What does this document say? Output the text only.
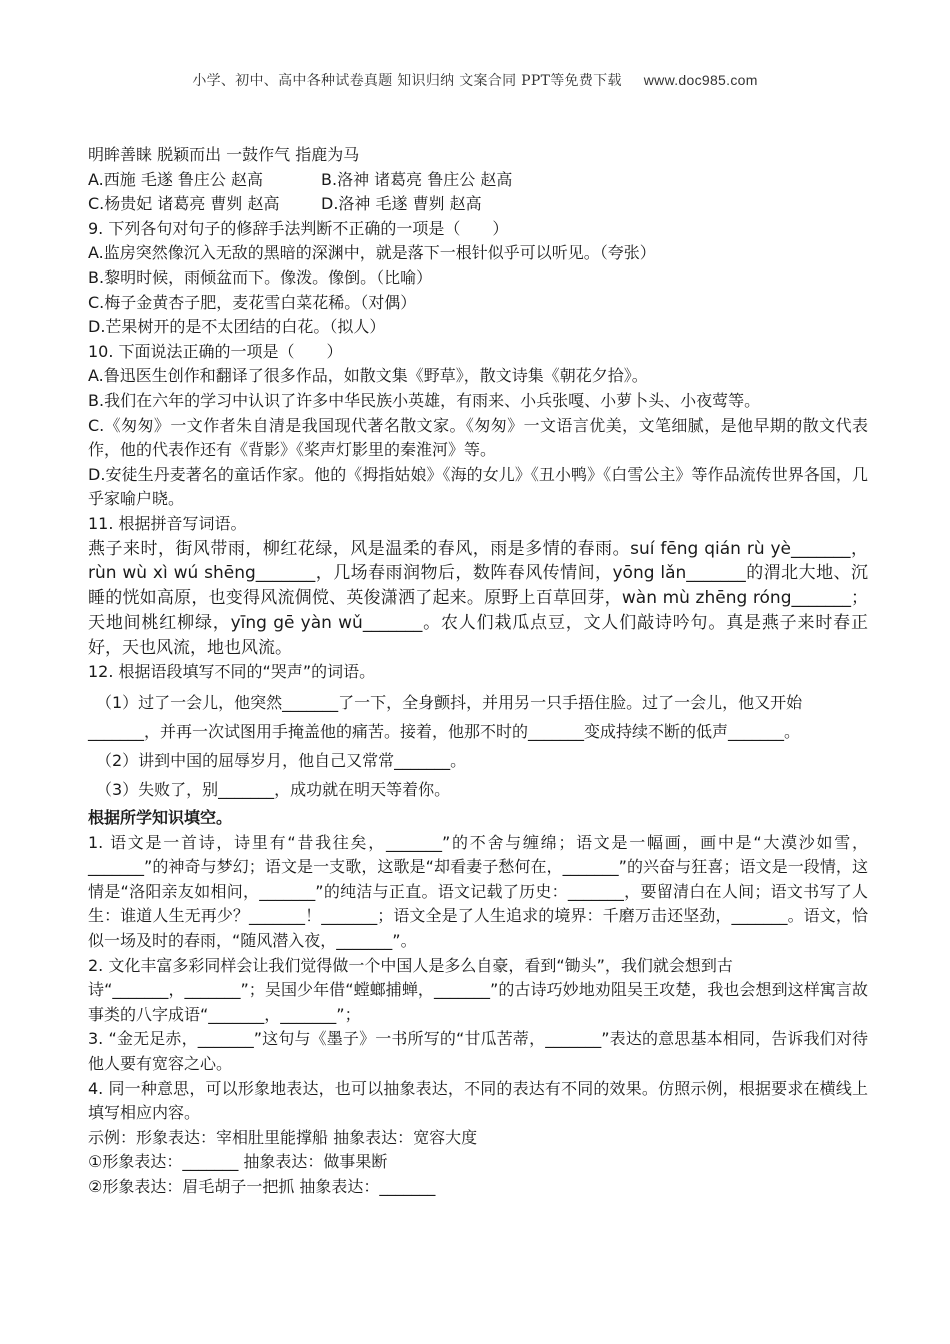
小学、初中、高中各种试卷真题 知识归纳 文案合同 PPT等免费下载 www.doc985.com
明眸善睐 脱颖而出 一鼓作气 指鹿为马
A.西施 毛遂 鲁庄公 赵高	B.洛神 诸葛亮 鲁庄公 赵高
C.杨贵妃 诸葛亮 曹刿 赵高	D.洛神 毛遂 曹刿 赵高
9. 下列各句对句子的修辞手法判断不正确的一项是（　　）
A.监房突然像沉入无敌的黑暗的深渊中，就是落下一根针似乎可以听见。（夸张）
B.黎明时候，雨倾盆而下。像泼。像倒。（比喻）
C.梅子金黄杏子肥，麦花雪白菜花稀。（对偶）
D.芒果树开的是不太团结的白花。（拟人）
10. 下面说法正确的一项是（　　）
A.鲁迅医生创作和翻译了很多作品，如散文集《野草》，散文诗集《朝花夕拾》。
B.我们在六年的学习中认识了许多中华民族小英雄，有雨来、小兵张嘎、小萝卜头、小夜莺等。
C.《匆匆》一文作者朱自清是我国现代著名散文家。《匆匆》一文语言优美，文笔细腻，是他早期的散文代表作，他的代表作还有《背影》《桨声灯影里的秦淮河》等。
D.安徒生丹麦著名的童话作家。他的《拇指姑娘》《海的女儿》《丑小鸭》《白雪公主》等作品流传世界各国，几乎家喻户晓。
11. 根据拼音写词语。
燕子来时，街风带雨，柳红花绿，风是温柔的春风，雨是多情的春雨。suí fēng qián rù yè_______，rùn wù xì wú shēng_______，几场春雨润物后，数阵春风传情间，yōng lǎn_______的渭北大地、沉睡的恍如高原，也变得风流倜傥、英俊潇洒了起来。原野上百草回芽，wàn mù zhēng róng_______；天地间桃红柳绿，yīng gē yàn wǔ_______。农人们栽瓜点豆，文人们敲诗吟句。真是燕子来时春正好，天也风流，地也风流。
12. 根据语段填写不同的“哭声”的词语。
（1）过了一会儿，他突然_______了一下，全身颤抖，并用另一只手捂住脸。过了一会儿，他又开始
_______，并再一次试图用手掩盖他的痛苦。接着，他那不时的_______变成持续不断的低声_______。
（2）讲到中国的屈辱岁月，他自己又常常_______。
（3）失败了，别_______，成功就在明天等着你。
根据所学知识填空。
1. 语文是一首诗，诗里有“昔我往矣，_______”的不舍与缠绵；语文是一幅画，画中是“大漠沙如雪，_______”的神奇与梦幻；语文是一支歌，这歌是“却看妻子愁何在，_______”的兴奋与狂喜；语文是一段情，这情是“洛阳亲友如相问，_______”的纯洁与正直。语文记载了历史：_______，要留清白在人间；语文书写了人生：谁道人生无再少？_______！_______；语文全是了人生追求的境界：千磨万击还坚劲，_______。语文，恰似一场及时的春雨，“随风潜入夜，_______”。
2. 文化丰富多彩同样会让我们觉得做一个中国人是多么自豪，看到“锄头”，我们就会想到古
诗“_______，_______”；吴国少年借“螳螂捕蝉，_______”的古诗巧妙地劝阻吴王攻楚，我也会想到这样寓言故事类的八字成语“_______，_______”；
3. “金无足赤，_______”这句与《墨子》一书所写的“甘瓜苦蒂，_______”表达的意思基本相同，告诉我们对待他人要有宽容之心。
4. 同一种意思，可以形象地表达，也可以抽象表达，不同的表达有不同的效果。仿照示例，根据要求在横线上填写相应内容。
示例：形象表达：宰相肚里能撑船 抽象表达：宽容大度
①形象表达：_______ 抽象表达：做事果断
②形象表达：眉毛胡子一把抓 抽象表达：_______
